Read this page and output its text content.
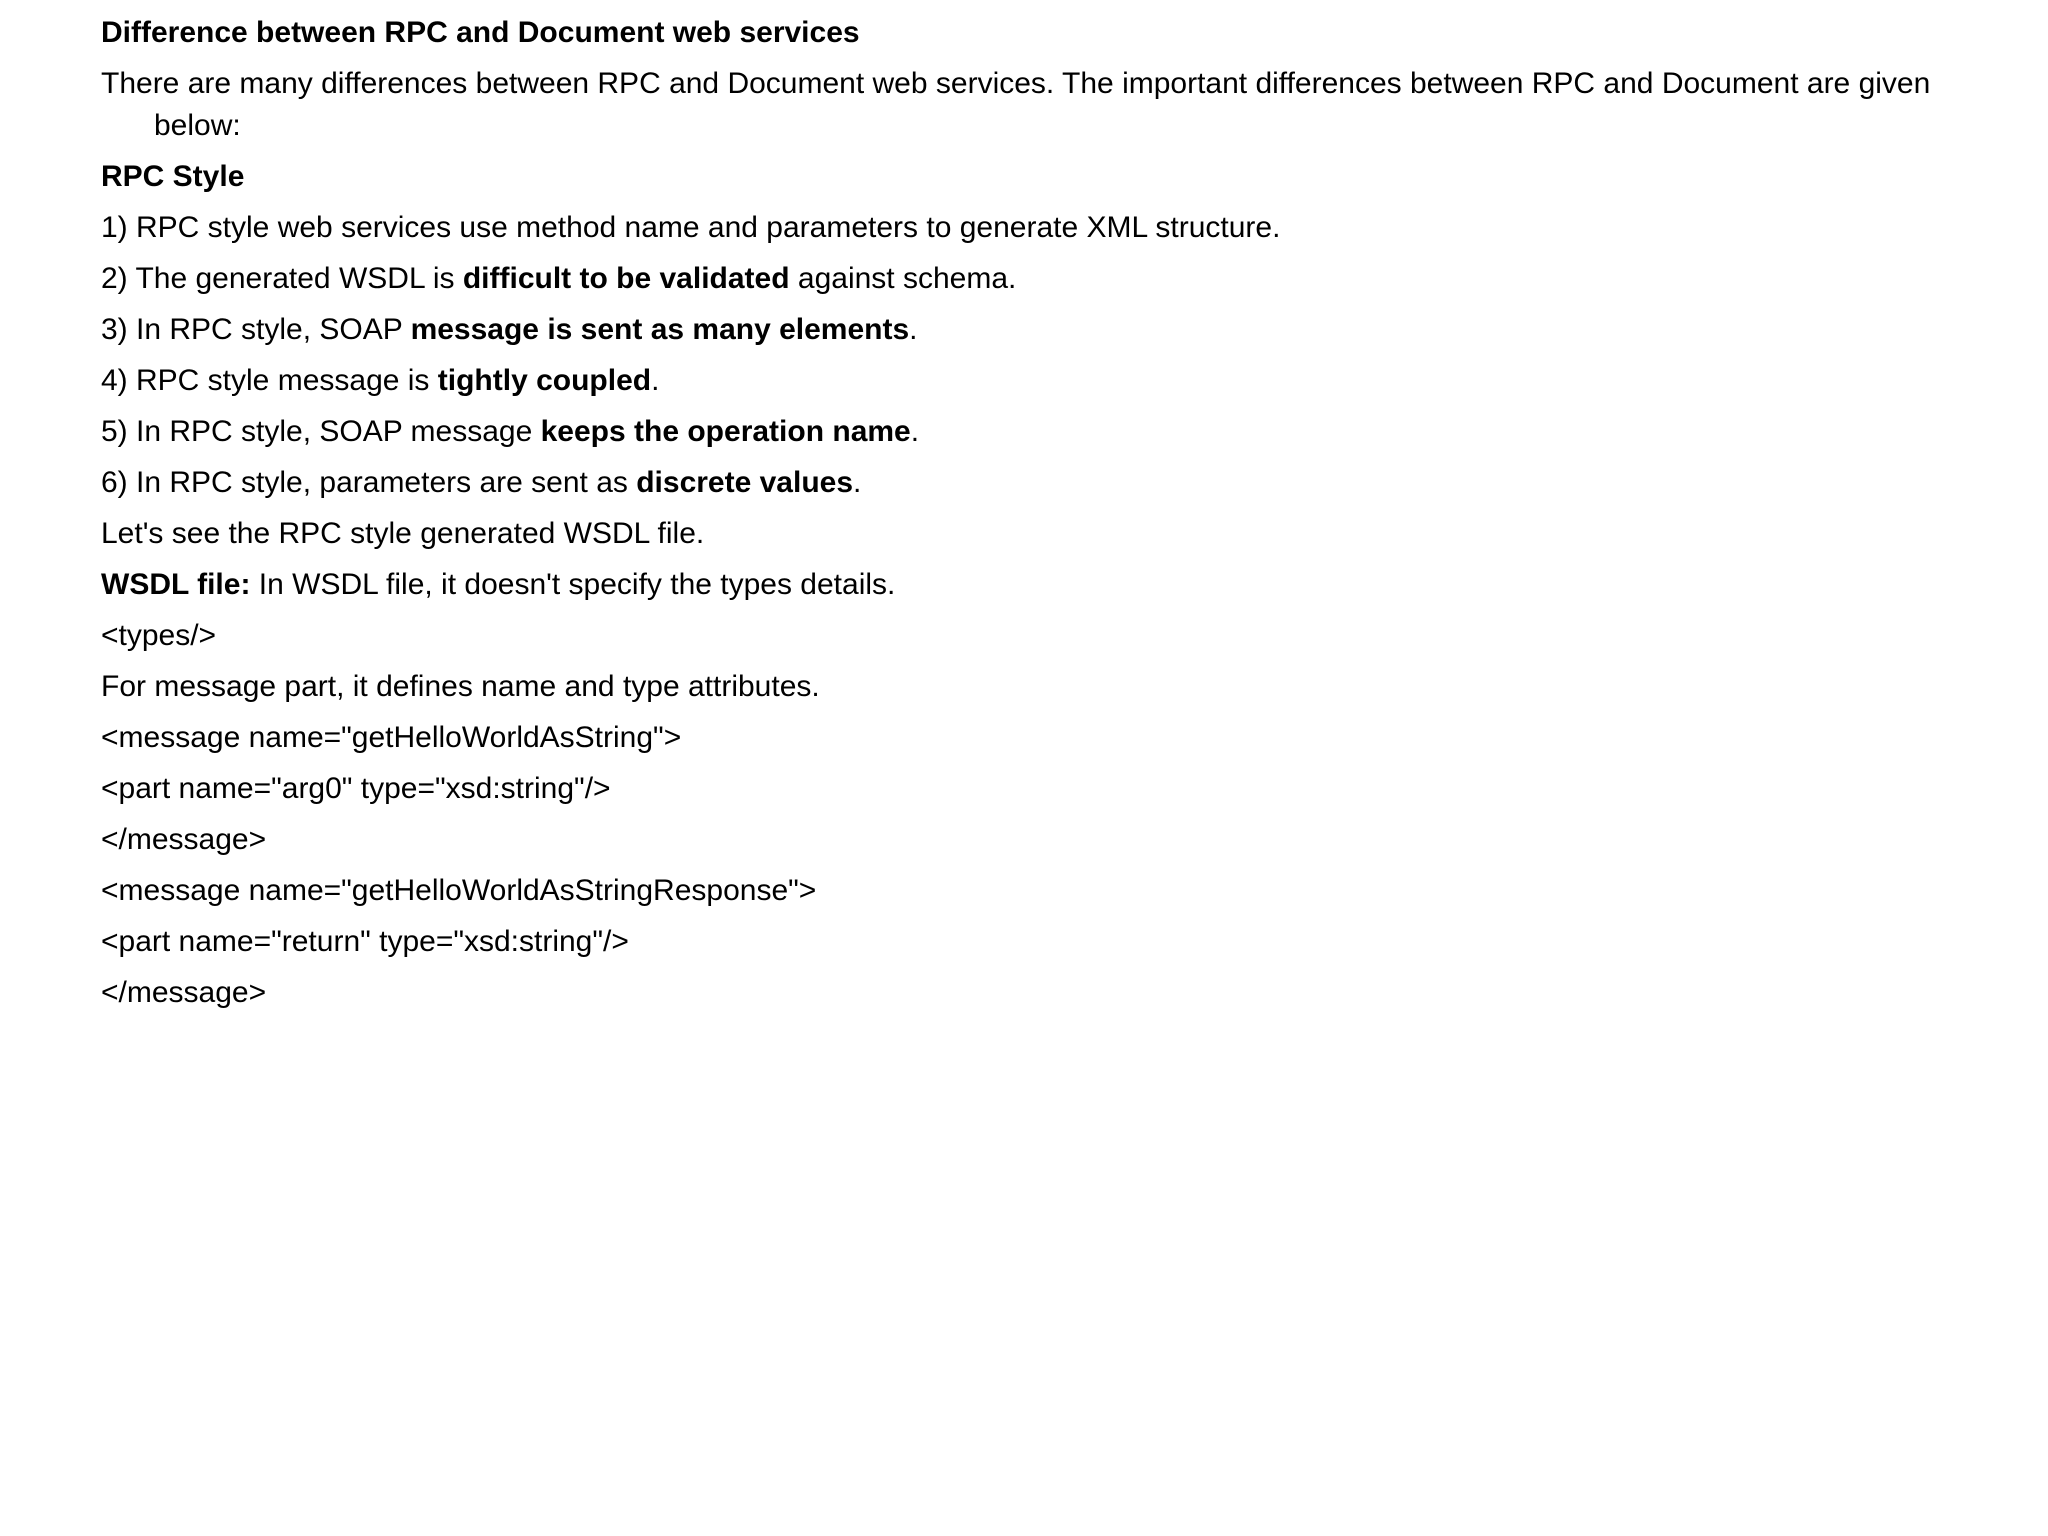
Difference between RPC and Document web services
There are many differences between RPC and Document web services. The important differences between RPC and Document are given below:
RPC Style
1) RPC style web services use method name and parameters to generate XML structure.
2) The generated WSDL is difficult to be validated against schema.
3) In RPC style, SOAP message is sent as many elements.
4) RPC style message is tightly coupled.
5) In RPC style, SOAP message keeps the operation name.
6) In RPC style, parameters are sent as discrete values.
Let's see the RPC style generated WSDL file.
WSDL file: In WSDL file, it doesn't specify the types details.
<types/>
For message part, it defines name and type attributes.
<message name="getHelloWorldAsString">
<part name="arg0" type="xsd:string"/>
</message>
<message name="getHelloWorldAsStringResponse">
<part name="return" type="xsd:string"/>
</message>
